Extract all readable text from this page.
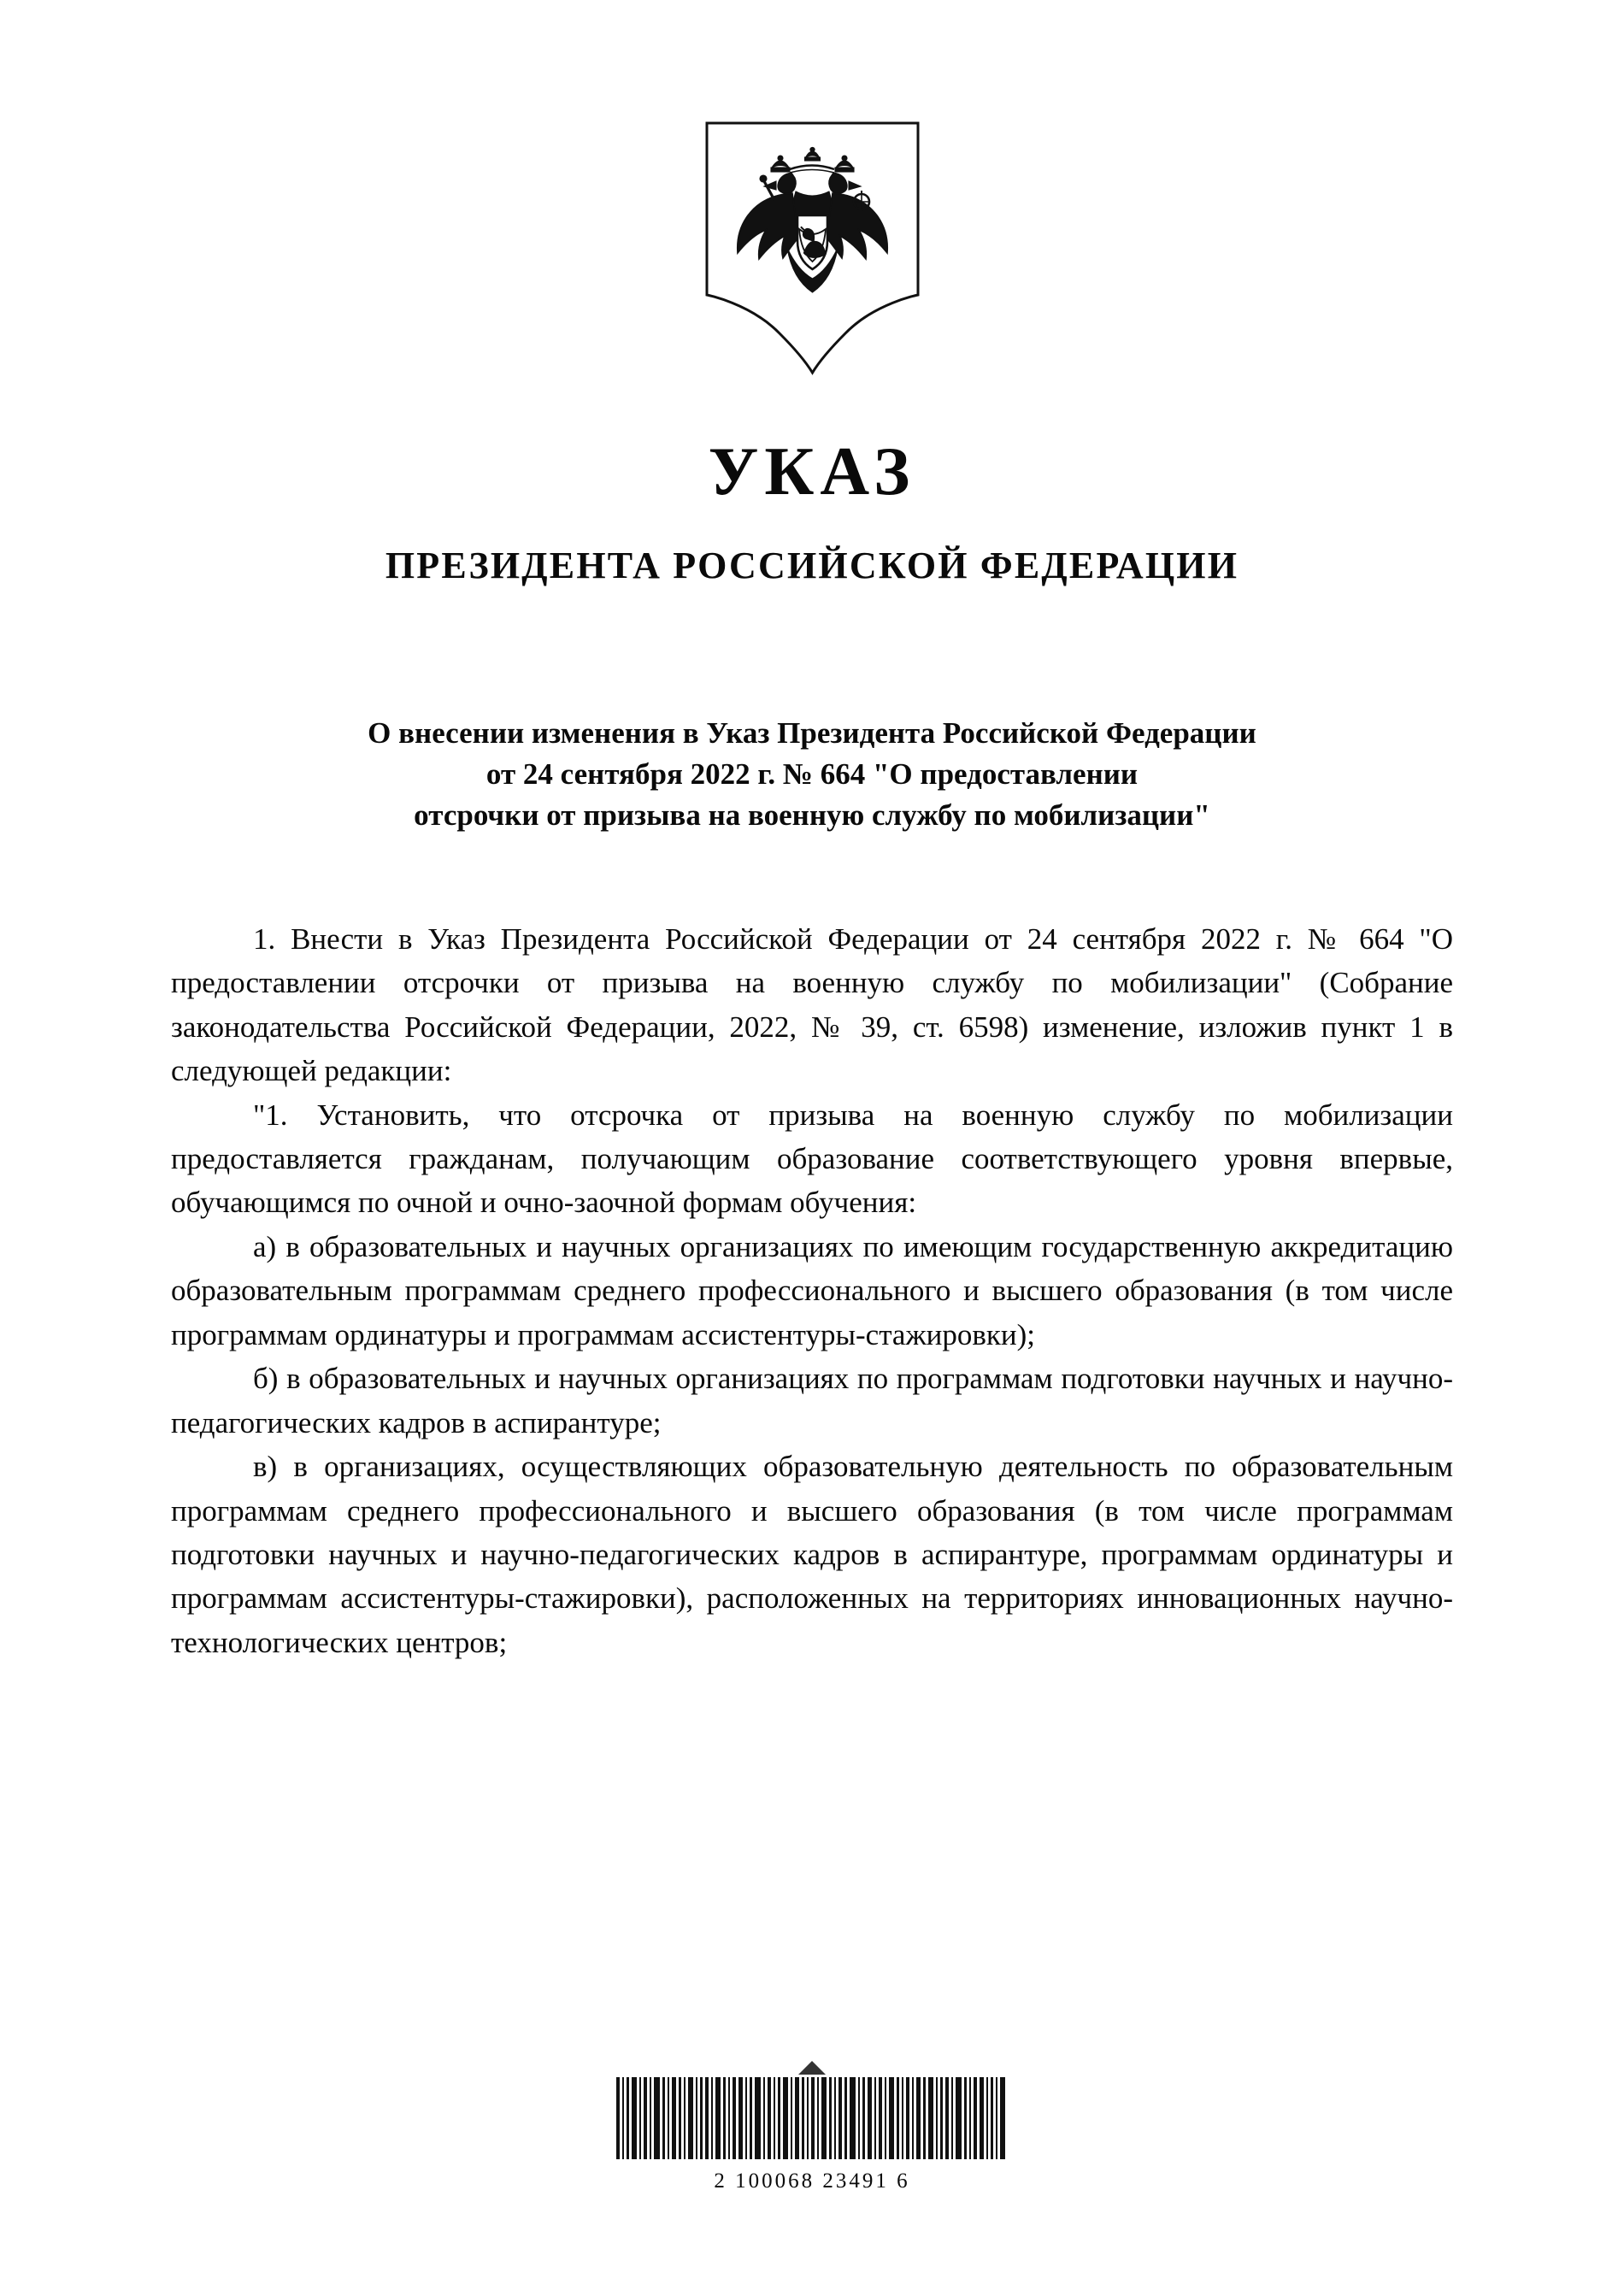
УКАЗ
ПРЕЗИДЕНТА РОССИЙСКОЙ ФЕДЕРАЦИИ
О внесении изменения в Указ Президента Российской Федерации
от 24 сентября 2022 г. № 664 "О предоставлении
отсрочки от призыва на военную службу по мобилизации"

1. Внести в Указ Президента Российской Федерации от 24 сентября 2022 г. № 664 "О предоставлении отсрочки от призыва на военную службу по мобилизации" (Собрание законодательства Российской Федерации, 2022, № 39, ст. 6598) изменение, изложив пункт 1 в следующей редакции:

"1. Установить, что отсрочка от призыва на военную службу по мобилизации предоставляется гражданам, получающим образование соответствующего уровня впервые, обучающимся по очной и очно-заочной формам обучения:

а) в образовательных и научных организациях по имеющим государственную аккредитацию образовательным программам среднего профессионального и высшего образования (в том числе программам ординатуры и программам ассистентуры-стажировки);

б) в образовательных и научных организациях по программам подготовки научных и научно-педагогических кадров в аспирантуре;

в) в организациях, осуществляющих образовательную деятельность по образовательным программам среднего профессионального и высшего образования (в том числе программам подготовки научных и научно-педагогических кадров в аспирантуре, программам ординатуры и программам ассистентуры-стажировки), расположенных на территориях инновационных научно-технологических центров;

2 100068 23491 6
